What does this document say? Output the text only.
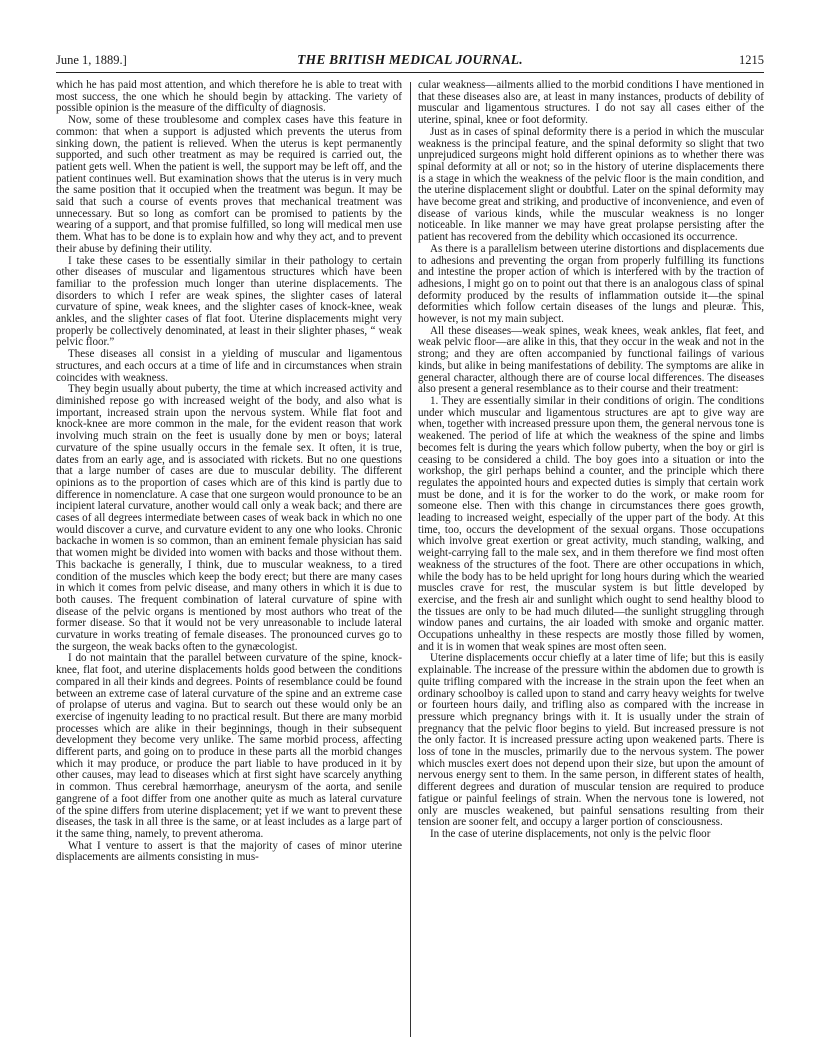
June 1, 1889.]	THE BRITISH MEDICAL JOURNAL.	1215

which he has paid most attention, and which therefore he is able to treat with most success, the one which he should begin by attacking. The variety of possible opinion is the measure of the difficulty of diagnosis.

Now, some of these troublesome and complex cases have this feature in common: that when a support is adjusted which prevents the uterus from sinking down, the patient is relieved. When the uterus is kept permanently supported, and such other treatment as may be required is carried out, the patient gets well. When the patient is well, the support may be left off, and the patient continues well. But examination shows that the uterus is in very much the same position that it occupied when the treatment was begun. It may be said that such a course of events proves that mechanical treatment was unnecessary. But so long as comfort can be promised to patients by the wearing of a support, and that promise fulfilled, so long will medical men use them. What has to be done is to explain how and why they act, and to prevent their abuse by defining their utility.

I take these cases to be essentially similar in their pathology to certain other diseases of muscular and ligamentous structures which have been familiar to the profession much longer than uterine displacements. The disorders to which I refer are weak spines, the slighter cases of lateral curvature of spine, weak knees, and the slighter cases of knock-knee, weak ankles, and the slighter cases of flat foot. Uterine displacements might very properly be collectively denominated, at least in their slighter phases, “ weak pelvic floor.”

These diseases all consist in a yielding of muscular and ligamentous structures, and each occurs at a time of life and in circumstances when strain coincides with weakness.

They begin usually about puberty, the time at which increased activity and diminished repose go with increased weight of the body, and also what is important, increased strain upon the nervous system. While flat foot and knock-knee are more common in the male, for the evident reason that work involving much strain on the feet is usually done by men or boys; lateral curvature of the spine usually occurs in the female sex. It often, it is true, dates from an early age, and is associated with rickets. But no one questions that a large number of cases are due to muscular debility. The different opinions as to the proportion of cases which are of this kind is partly due to difference in nomenclature. A case that one surgeon would pronounce to be an incipient lateral curvature, another would call only a weak back; and there are cases of all degrees intermediate between cases of weak back in which no one would discover a curve, and curvature evident to any one who looks. Chronic backache in women is so common, than an eminent female physician has said that women might be divided into women with backs and those without them. This backache is generally, I think, due to muscular weakness, to a tired condition of the muscles which keep the body erect; but there are many cases in which it comes from pelvic disease, and many others in which it is due to both causes. The frequent combination of lateral curvature of spine with disease of the pelvic organs is mentioned by most authors who treat of the former disease. So that it would not be very unreasonable to include lateral curvature in works treating of female diseases. The pronounced curves go to the surgeon, the weak backs often to the gynæcologist.

I do not maintain that the parallel between curvature of the spine, knock-knee, flat foot, and uterine displacements holds good between the conditions compared in all their kinds and degrees. Points of resemblance could be found between an extreme case of lateral curvature of the spine and an extreme case of prolapse of uterus and vagina. But to search out these would only be an exercise of ingenuity leading to no practical result. But there are many morbid processes which are alike in their beginnings, though in their subsequent development they become very unlike. The same morbid process, affecting different parts, and going on to produce in these parts all the morbid changes which it may produce, or produce the part liable to have produced in it by other causes, may lead to diseases which at first sight have scarcely anything in common. Thus cerebral hæmorrhage, aneurysm of the aorta, and senile gangrene of a foot differ from one another quite as much as lateral curvature of the spine differs from uterine displacement; yet if we want to prevent these diseases, the task in all three is the same, or at least includes as a large part of it the same thing, namely, to prevent atheroma.

What I venture to assert is that the majority of cases of minor uterine displacements are ailments consisting in mus-

cular weakness—ailments allied to the morbid conditions I have mentioned in that these diseases also are, at least in many instances, products of debility of muscular and ligamentous structures. I do not say all cases either of the uterine, spinal, knee or foot deformity.

Just as in cases of spinal deformity there is a period in which the muscular weakness is the principal feature, and the spinal deformity so slight that two unprejudiced surgeons might hold different opinions as to whether there was spinal deformity at all or not; so in the history of uterine displacements there is a stage in which the weakness of the pelvic floor is the main condition, and the uterine displacement slight or doubtful. Later on the spinal deformity may have become great and striking, and productive of inconvenience, and even of disease of various kinds, while the muscular weakness is no longer noticeable. In like manner we may have great prolapse persisting after the patient has recovered from the debility which occasioned its occurrence.

As there is a parallelism between uterine distortions and displacements due to adhesions and preventing the organ from properly fulfilling its functions and intestine the proper action of which is interfered with by the traction of adhesions, I might go on to point out that there is an analogous class of spinal deformity produced by the results of inflammation outside it—the spinal deformities which follow certain diseases of the lungs and pleuræ. This, however, is not my main subject.

All these diseases—weak spines, weak knees, weak ankles, flat feet, and weak pelvic floor—are alike in this, that they occur in the weak and not in the strong; and they are often accompanied by functional failings of various kinds, but alike in being manifestations of debility. The symptoms are alike in general character, although there are of course local differences. The diseases also present a general resemblance as to their course and their treatment:

1. They are essentially similar in their conditions of origin. The conditions under which muscular and ligamentous structures are apt to give way are when, together with increased pressure upon them, the general nervous tone is weakened. The period of life at which the weakness of the spine and limbs becomes felt is during the years which follow puberty, when the boy or girl is ceasing to be considered a child. The boy goes into a situation or into the workshop, the girl perhaps behind a counter, and the principle which there regulates the appointed hours and expected duties is simply that certain work must be done, and it is for the worker to do the work, or make room for someone else. Then with this change in circumstances there goes growth, leading to increased weight, especially of the upper part of the body. At this time, too, occurs the development of the sexual organs. Those occupations which involve great exertion or great activity, much standing, walking, and weight-carrying fall to the male sex, and in them therefore we find most often weakness of the structures of the foot. There are other occupations in which, while the body has to be held upright for long hours during which the wearied muscles crave for rest, the muscular system is but little developed by exercise, and the fresh air and sunlight which ought to send healthy blood to the tissues are only to be had much diluted—the sunlight struggling through window panes and curtains, the air loaded with smoke and organic matter. Occupations unhealthy in these respects are mostly those filled by women, and it is in women that weak spines are most often seen.

Uterine displacements occur chiefly at a later time of life; but this is easily explainable. The increase of the pressure within the abdomen due to growth is quite trifling compared with the increase in the strain upon the feet when an ordinary schoolboy is called upon to stand and carry heavy weights for twelve or fourteen hours daily, and trifling also as compared with the increase in pressure which pregnancy brings with it. It is usually under the strain of pregnancy that the pelvic floor begins to yield. But increased pressure is not the only factor. It is increased pressure acting upon weakened parts. There is loss of tone in the muscles, primarily due to the nervous system. The power which muscles exert does not depend upon their size, but upon the amount of nervous energy sent to them. In the same person, in different states of health, different degrees and duration of muscular tension are required to produce fatigue or painful feelings of strain. When the nervous tone is lowered, not only are muscles weakened, but painful sensations resulting from their tension are sooner felt, and occupy a larger portion of consciousness.

In the case of uterine displacements, not only is the pelvic floor
